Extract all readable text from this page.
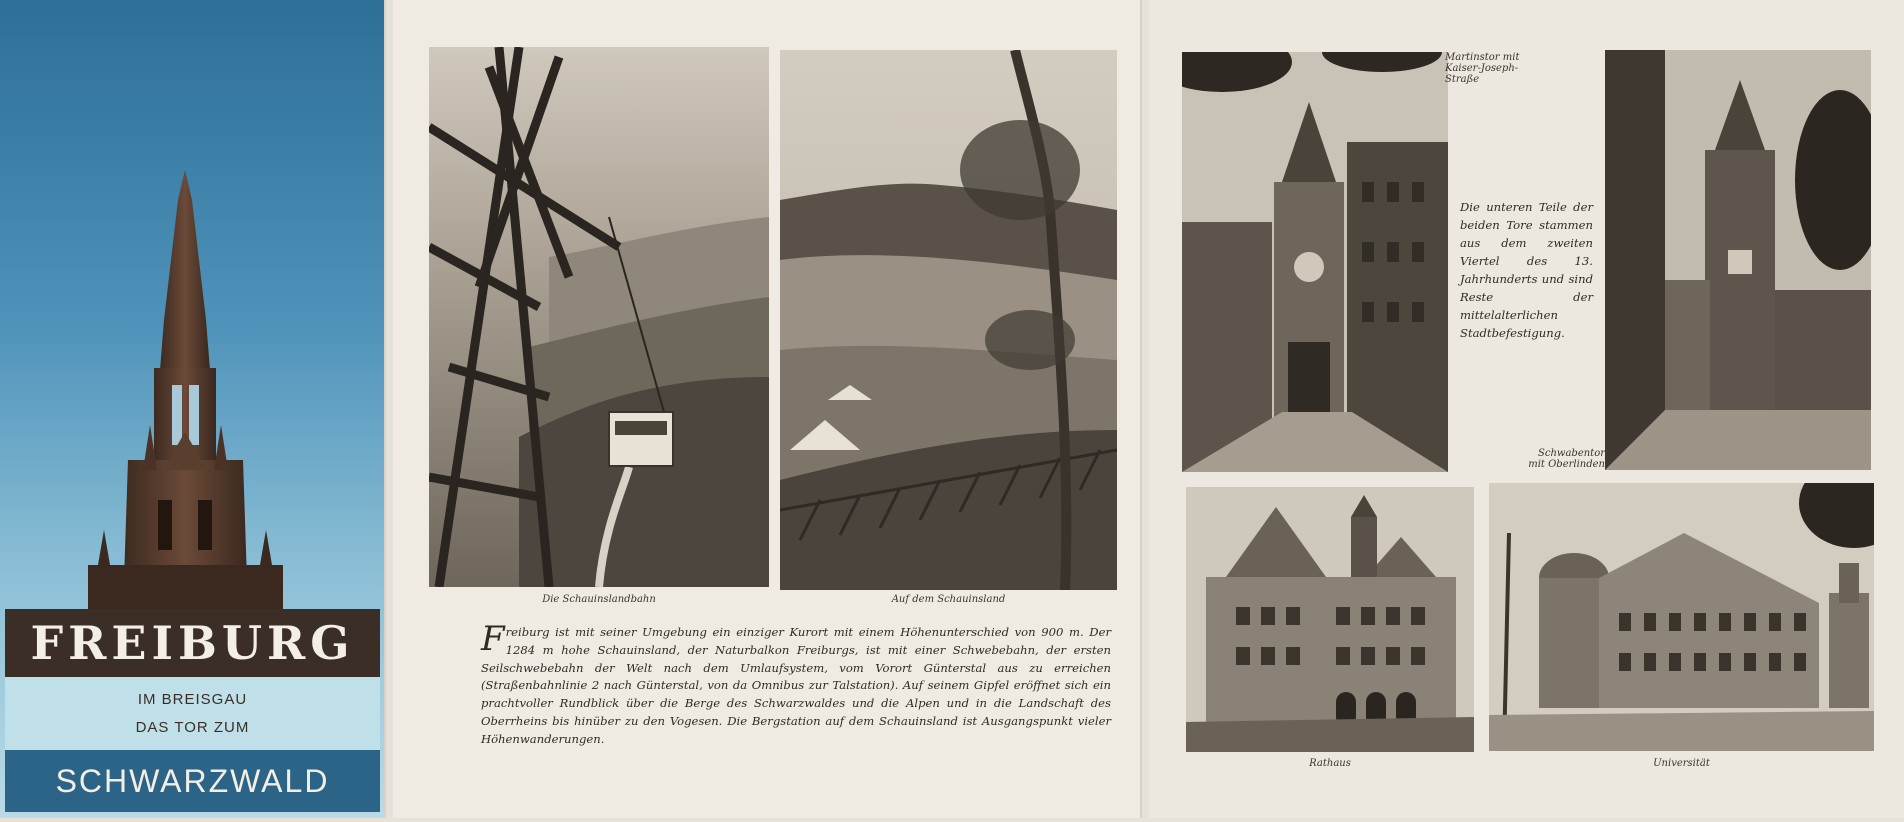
FREIBURG
IM BREISGAU
DAS TOR ZUM
SCHWARZWALD
Die Schauinslandbahn	Auf dem Schauinsland
Freiburg ist mit seiner Umgebung ein einziger Kurort mit einem Höhenunterschied von 900 m. Der 1284 m hohe Schauinsland, der Naturbalkon Freiburgs, ist mit einer Schwebebahn, der ersten Seilschwebebahn der Welt nach dem Umlaufsystem, vom Vorort Günterstal aus zu erreichen (Straßenbahnlinie 2 nach Günterstal, von da Omnibus zur Talstation). Auf seinem Gipfel eröffnet sich ein prachtvoller Rundblick über die Berge des Schwarzwaldes und die Alpen und in die Landschaft des Oberrheins bis hinüber zu den Vogesen. Die Bergstation auf dem Schauinsland ist Ausgangspunkt vieler Höhenwanderungen.
Martinstor mit
Kaiser-Joseph-Straße
Die unteren Teile der beiden Tore stammen aus dem zweiten Viertel des 13. Jahrhunderts und sind Reste der mittelalterlichen Stadtbefestigung.
Schwabentor
mit Oberlinden
Rathaus	Universität
